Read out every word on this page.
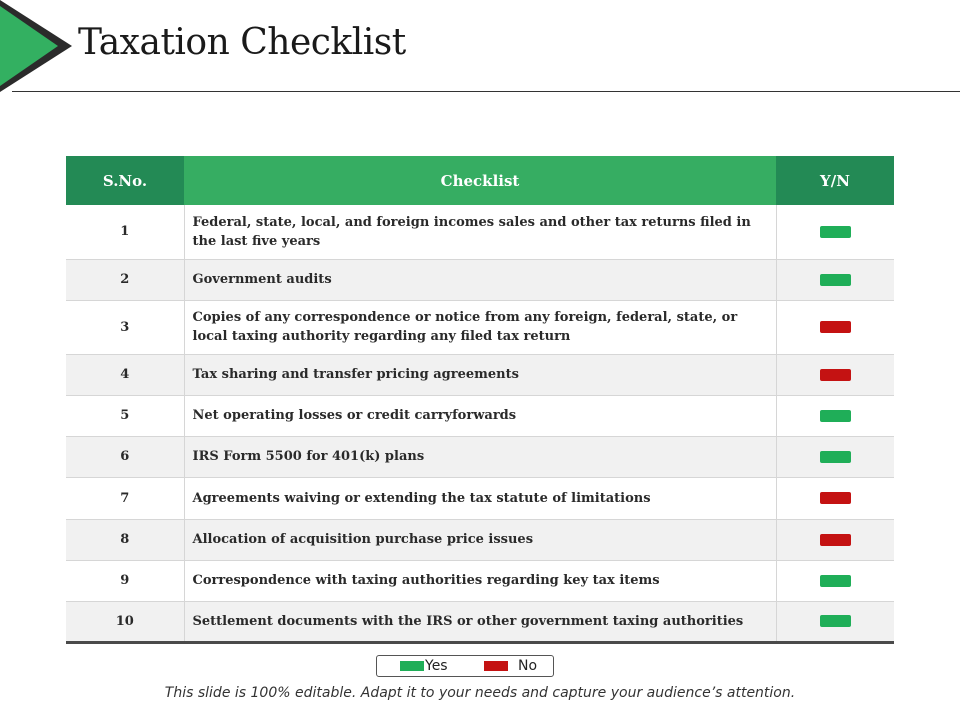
Taxation Checklist
S.No.	Checklist	Y/N
1	Federal, state, local, and foreign incomes sales and other tax returns filed in the last five years	
2	Government audits	
3	Copies of any correspondence or notice from any foreign, federal, state, or local taxing authority regarding any filed tax return	
4	Tax sharing and transfer pricing agreements	
5	Net operating losses or credit carryforwards	
6	IRS Form 5500 for 401(k) plans	
7	Agreements waiving or extending the tax statute of limitations	
8	Allocation of acquisition purchase price issues	
9	Correspondence with taxing authorities regarding key tax items	
10	Settlement documents with the IRS or other government taxing authorities	
Yes	No
This slide is 100% editable. Adapt it to your needs and capture your audience’s attention.
